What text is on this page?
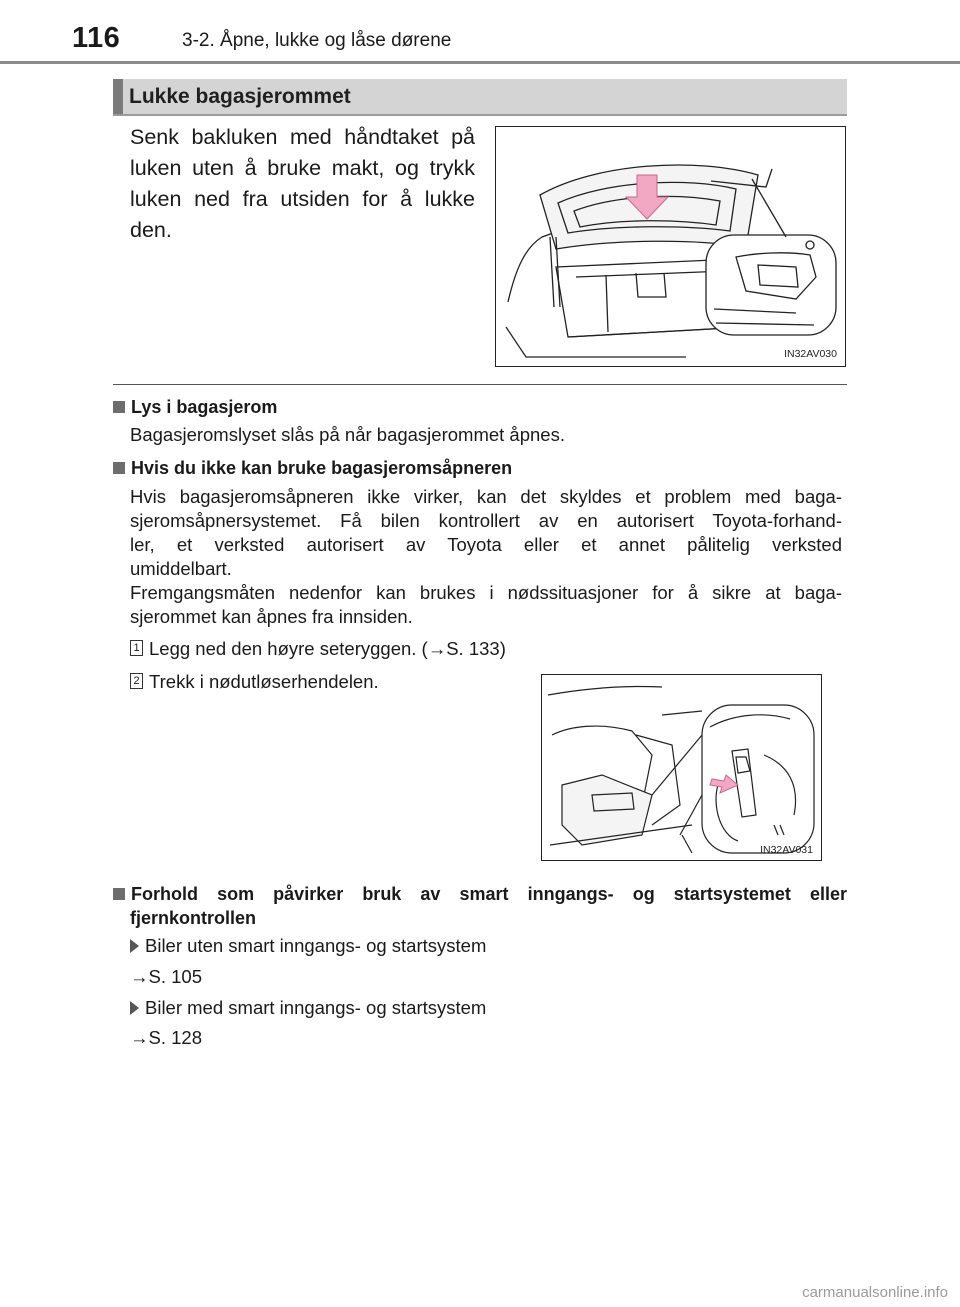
116	3-2. Åpne, lukke og låse dørene
Lukke bagasjerommet
Senk bakluken med håndtaket på
luken uten å bruke makt, og trykk
luken ned fra utsiden for å lukke
den.
IN32AV030
Lys i bagasjerom
Bagasjeromslyset slås på når bagasjerommet åpnes.
Hvis du ikke kan bruke bagasjeromsåpneren
Hvis bagasjeromsåpneren ikke virker, kan det skyldes et problem med baga-
sjeromsåpnersystemet. Få bilen kontrollert av en autorisert Toyota-forhand-
ler, et verksted autorisert av Toyota eller et annet pålitelig verksted
umiddelbart.
Fremgangsmåten nedenfor kan brukes i nødssituasjoner for å sikre at baga-
sjerommet kan åpnes fra innsiden.
1 Legg ned den høyre seteryggen. (→S. 133)
2 Trekk i nødutløserhendelen.
IN32AV031
Forhold som påvirker bruk av smart inngangs- og startsystemet eller
fjernkontrollen
Biler uten smart inngangs- og startsystem
→S. 105
Biler med smart inngangs- og startsystem
→S. 128
carmanualsonline.info
